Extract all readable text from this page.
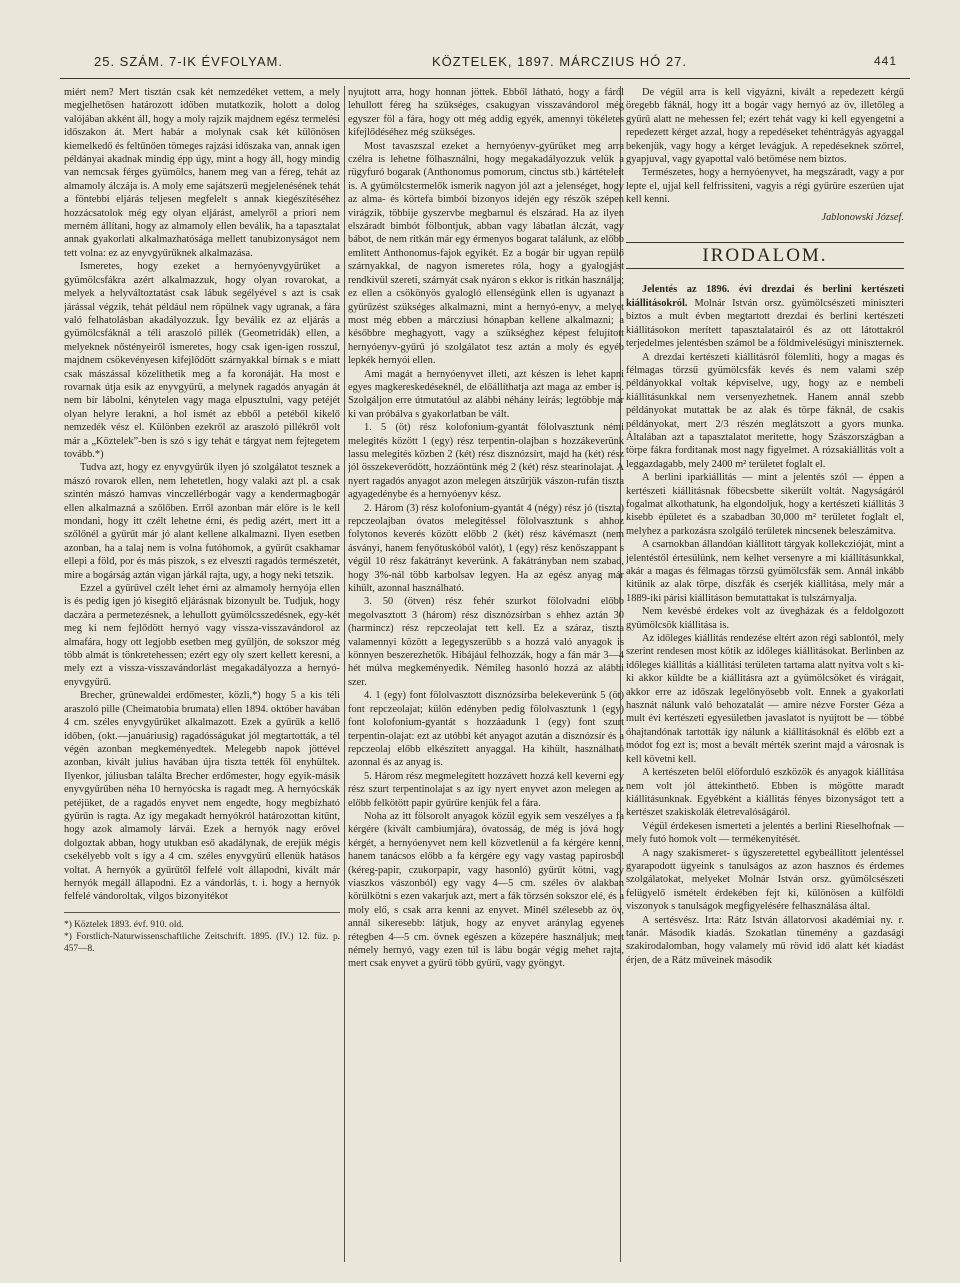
25. SZÁM. 7-IK ÉVFOLYAM.	KÖZTELEK, 1897. MÁRCZIUS HÓ 27.	441

miért nem? Mert tisztán csak két nemzedéket vettem, a mely megjelhetősen határozott időben mutatkozik, holott a dolog valójában akként áll, hogy a moly rajzik majdnem egész termelési időszakon át. Mert habár a molynak csak két különösen kiemelkedő és feltűnően tömeges rajzási időszaka van, annak igen példányai akadnak mindig épp úgy, mint a hogy áll, hogy mindig van nemcsak férges gyümölcs, hanem meg van a féreg, tehát az almamoly álczája is. A moly eme sajátszerű megjelenésének tehát a föntebbi eljárás teljesen megfelelt s annak kiegészítéséhez hozzácsatolok még egy olyan eljárást, amelyről a priori nem merném állítani, hogy az almamoly ellen beválik, ha a tapasztalat annak gyakorlati alkalmazhatósága mellett tanubizonyságot nem tett volna: ez az enyvgyűrűknek alkalmazása.

Ismeretes, hogy ezeket a hernyóenyvgyűrűket a gyümölcsfákra azért alkalmazzuk, hogy olyan rovarokat, a melyek a helyváltoztatást csak lábuk segélyével s azt is csak járással végzik, tehát például nem röpülnek vagy ugranak, a fára való felhatolásban akadályozzuk. Így beválik ez az eljárás a gyümölcsfáknál a téli araszoló pillék (Geometridák) ellen, a melyeknek nőstényeiről ismeretes, hogy csak igen-igen rosszul, majdnem csökevényesen kifejlődött szárnyakkal bírnak s e miatt csak mászással közelíthetik meg a fa koronáját. Ha most e rovarnak útja esik az enyvgyűrű, a melynek ragadós anyagán át nem bír lábolni, kénytelen vagy maga elpusztulni, vagy petéjét olyan helyre lerakni, a hol ismét az ebből a petéből kikelő nemzedék vész el. Különben ezekről az araszoló pillékről volt már a „Köztelek”-ben is szó s igy tehát e tárgyat nem fejtegetem tovább.*)

Tudva azt, hogy ez enyvgyűrűk ilyen jó szolgálatot tesznek a mászó rovarok ellen, nem lehetetlen, hogy valaki azt pl. a csak szintén mászó hamvas vinczellérbogár vagy a kendermagbogár ellen alkalmazná a szőlőben. Erről azonban már előre is le kell mondani, hogy itt czélt lehetne érni, és pedig azért, mert itt a szőlőnél a gyűrűt már jó alant kellene alkalmazni. Ilyen esetben azonban, ha a talaj nem is volna futóhomok, a gyűrűt csakhamar ellepi a föld, por és más piszok, s ez elveszti ragadós természetét, mire a bogárság aztán vigan járkál rajta, ugy, a hogy neki tetszik.

Ezzel a gyűrűvel czélt lehet érni az almamoly hernyója ellen is és pedig igen jó kisegítő eljárásnak bizonyult be. Tudjuk, hogy daczára a permetezésnek, a lehullott gyümölcsszedésnek, egy-két meg ki nem fejlődött hernyó vagy vissza-visszavándorol az almafára, hogy ott legjobb esetben meg gyűljön, de sokszor még több almát is tönkretehessen; ezért egy oly szert kellett keresni, a mely ezt a vissza-visszavándorlást megakadályozza a hernyó-enyvgyűrű.

Brecher, grünewaldei erdőmester, közli,*) hogy 5 a kis téli araszoló pille (Cheimatobia brumata) ellen 1894. október havában 4 cm. széles enyvgyűrűket alkalmazott. Ezek a gyűrűk a kellő időben, (okt.—januáriusig) ragadósságukat jól megtartották, a tél végén azonban megkeményedtek. Melegebb napok jöttével azonban, kivált julius havában újra tiszta tették föl enyhültek. Ilyenkor, júliusban találta Brecher erdőmester, hogy egyik-másik enyvgyűrűben néha 10 hernyócska is ragadt meg. A hernyócskák petéjüket, de a ragadós enyvet nem engedte, hogy megbízható gyűrűn is ragta. Az így megakadt hernyókról határozottan kitűnt, hogy azok almamoly lárvái. Ezek a hernyók nagy erővel dolgoztak abban, hogy utukban eső akadálynak, de erejük mégis csekélyebb volt s így a 4 cm. széles enyvgyűrű ellenük hatásos voltat. A hernyók a gyűrűtől felfelé volt állapodni, kivált már hernyók megáll állapodni. Ez a vándorlás, t. i. hogy a hernyók felfelé vándoroltak, vilgos bizonyitékot

*) Köztelek 1893. évf. 910. old.

*) Forstlich-Naturwissenschaftliche Zeitschrift. 1895. (IV.) 12. füz. p. 457—8.

nyujtott arra, hogy honnan jöttek. Ebből látható, hogy a fáról lehullott féreg ha szükséges, csakugyan visszavándorol még egyszer föl a fára, hogy ott még addig egyék, amennyi tökéletes kifejlődéséhez még szükséges.

Most tavaszszal ezeket a hernyóenyv-gyűrűket meg arra czélra is lehetne fölhasználni, hogy megakadályozzuk velük a rügyfuró bogarak (Anthonomus pomorum, cinctus stb.) kártételeit is. A gyümölcstermelők ismerik nagyon jól azt a jelenséget, hogy az alma- és körtefa bimbói bizonyos idején egy részök szépen virágzik, többije gyszervbe megbarnul és elszárad. Ha az ilyen elszáradt bimbót fölbontjuk, abban vagy lábatlan álczát, vagy bábot, de nem ritkán már egy érmenyos bogarat találunk, az előbb emlitett Anthonomus-fajok egyikét. Ez a bogár bir ugyan repülő szárnyakkal, de nagyon ismeretes róla, hogy a gyalogjást rendkivül szereti, szárnyát csak nyáron s ekkor is ritkán használja; ez ellen a csökönyös gyalogló ellenségünk ellen is ugyanazt a gyűrűzést szükséges alkalmazni, mint a hernyó-enyv, a melyet most még ebben a márcziusi hónapban kellene alkalmazni; a későbbre meghagyott, vagy a szükséghez képest felujított hernyóenyv-gyűrű jó szolgálatot tesz aztán a moly és egyéb lepkék hernyói ellen.

Ami magát a hernyóenyvet illeti, azt készen is lehet kapni egyes magkereskedéseknél, de előállíthatja azt maga az ember is. Szolgáljon erre útmutatóul az alábbi néhány leírás; legtöbbje már ki van próbálva s gyakorlatban be vált.

1. 5 (öt) rész kolofonium-gyantát fölolvasztunk némi melegités között 1 (egy) rész terpentin-olajban s hozzákeverünk lassu melegités közben 2 (két) rész disznózsírt, majd ha (két) rész jól összekeverődött, hozzáöntünk még 2 (két) rész stearinolajat. A nyert ragadós anyagot azon melegen átszűrjük vászon-rufán tiszta agyagedénybe és a hernyóenyv kész.

2. Három (3) rész kolofonium-gyantát 4 (négy) rész jó (tiszta) repczeolajban óvatos melegítéssel fölolvasztunk s ahhoz folytonos keverés között előbb 2 (két) rész kávémaszt (nem ásványi, hanem fenyőtuskóból valót), 1 (egy) rész kenőszappant s végül 10 rész fakátrányt keverünk. A fakátrányban nem szabad, hogy 3%-nál több karbolsav legyen. Ha az egész anyag már kihült, azonnal használható.

3. 50 (ötven) rész fehér szurkot fölolvadni előbb megolvasztott 3 (három) rész disznózsírban s ehhez aztán 30 (harmincz) rész repczeolajat tett kell. Ez a száraz, tiszta valamennyi között a legegyszerűbb s a hozzá való anyagok is könnyen beszerezhetők. Hibájául felhozzák, hogy a fán már 3—4 hét múlva megkeményedik. Némileg hasonló hozzá az alábbi szer.

4. 1 (egy) font fölolvasztott disznózsírba belekeverünk 5 (öt) font repczeolajat; külön edényben pedig fölolvasztunk 1 (egy) font kolofonium-gyantát s hozzáadunk 1 (egy) font szurt terpentin-olajat: ezt az utóbbi két anyagot azután a disznózsír és a repczeolaj előbb elkészített anyaggal. Ha kihült, használható azonnal és az anyag is.

5. Három rész megmelegített hozzávett hozzá kell keverni egy rész szurt terpentinolajat s az így nyert enyvet azon melegen az előbb felkötött papir gyűrűre kenjük fel a fára.

Noha az itt fölsorolt anyagok közül egyik sem veszélyes a fa kérgére (kivált cambiumjára), óvatosság, de még is jóvá hogy kérgét, a hernyóenyvet nem kell közvetlenül a fa kérgére kenni, hanem tanácsos előbb a fa kérgére egy vagy vastag papirosból (kéreg-papir, czukorpapir, vagy hasonló) gyűrűt kötni, vagy viaszkos vászonból) egy vagy 4—5 cm. széles öv alakban körülkötni s ezen vakarjuk azt, mert a fák törzsén sokszor elé, és a moly elő, s csak arra kenni az enyvet. Minél szélesebb az öv, annál sikeresebb: látjuk, hogy az enyvet aránylag egyenes rétegben 4—5 cm. övnek egészen a közepére használjuk; mert némely hernyó, vagy ezen túl is lábu bogár végig mehet rajta, mert csak enyvet a gyűrű több gyűrű, vagy gyöngyt.

De végül arra is kell vigyázni, kivált a repedezett kérgű öregebb fáknál, hogy itt a bogár vagy hernyó az öv, illetőleg a gyűrű alatt ne mehessen fel; ezért tehát vagy ki kell egyengetni a repedezett kérget azzal, hogy a repedéseket tehéntrágyás agyaggal bekenjük, vagy hogy a kérget levágjuk. A repedéseknek szőrrel, gyapjuval, vagy gyapottal való betömése nem biztos.

Természetes, hogy a hernyóenyvet, ha megszáradt, vagy a por lepte el, ujjal kell felfrissiteni, vagyis a régi gyűrüre eszerüen ujat kell kenni.

Jablonowski József.

IRODALOM.

Jelentés az 1896. évi drezdai és berlini kertészeti kiállitásokról. Molnár István orsz. gyümölcsészeti miniszteri biztos a mult évben megtartott drezdai és berlini kertészeti kiállításokon merített tapasztalatairól és az ott látottakról terjedelmes jelentésben számol be a földmivelésügyi miniszternek.

A drezdai kertészeti kiállitásról fölemlíti, hogy a magas és félmagas törzsű gyümölcsfák kevés és nem valami szép példányokkal voltak képviselve, ugy, hogy az e nembeli kiállitásunkkal nem versenyezhetnek. Hanem annál szebb példányokat mutattak be az alak és törpe fáknál, de csakis példányokat, mert 2/3 részén meglátszott a gyors munka. Általában azt a tapasztalatot meritette, hogy Szászországban a törpe fákra forditanak most nagy figyelmet. A rózsakiállitás volt a leggazdagabb, mely 2400 m² területet foglalt el.

A berlini iparkiállitás — mint a jelentés szól — éppen a kertészeti kiállitásnak főbecsbette sikerült voltát. Nagyságáról fogalmat alkothatunk, ha elgondoljuk, hogy a kertészeti kiállitás 3 kisebb épületet és a szabadban 30,000 m² területet foglalt el, melyhez a parkozásra szolgáló területek nincsenek beleszámitva.

A csarnokban állandóan kiállitott tárgyak kollekczióját, mint a jelentéstől értesülünk, nem kelhet versenyre a mi kiállításunkkal, akár a magas és félmagas törzsű gyümölcsfák sem. Annál inkább kitünik az alak törpe, díszfák és cserjék kiállitása, mely már a 1889-iki párisi kiállitáson bemutattakat is tulszárnyalja.

Nem kevésbé érdekes volt az üvegházak és a feldolgozott gyümölcsök kiállitása is.

Az időleges kiállitás rendezése eltért azon régi sablontól, mely szerint rendesen most kötik az időleges kiállitásokat. Berlinben az időleges kiállitás a kiállitási területen tartama alatt nyitva volt s ki-ki akkor küldte be a kiállitásra azt a gyümölcsöket és virágait, akkor erre az időszak legelőnyösebb volt. Ennek a gyakorlati hasznát nálunk való behozatalát — amire nézve Forster Géza a mult évi kertészeti egyesületben javaslatot is nyújtott be — többé óhajtandónak tartották így nálunk a kiállitásoknál és előbb ezt a módot fog ezt is; most a bevált mérték szerint majd a városnak is kell követni kell.

A kertészeten belől előforduló eszközök és anyagok kiállítása nem volt jól áttekinthető. Ebben is mögötte maradt kiállitásunknak. Egyébként a kiállitás fényes bizonyságot tett a kertészet szakiskolák életrevalóságáról.

Végül érdekesen ismerteti a jelentés a berlini Rieselhofnak — mely futó homok volt — termékenyítését.

A nagy szakismeret- s ügyszeretettel egybeállitott jelentéssel gyarapodott ügyeink s tanulságos az azon hasznos és érdemes szolgálatokat, melyeket Molnár István orsz. gyümölcsészeti felügyelő ismételt érdekében fejt ki, különösen a külföldi viszonyok s tanulságok megfigyelésére felhasználása által.

A sertésvész. Irta: Rátz István állatorvosi akadémiai ny. r. tanár. Második kiadás. Szokatlan tünemény a gazdasági szakirodalomban, hogy valamely mű rövid idő alatt két kiadást érjen, de a Rátz műveinek második
